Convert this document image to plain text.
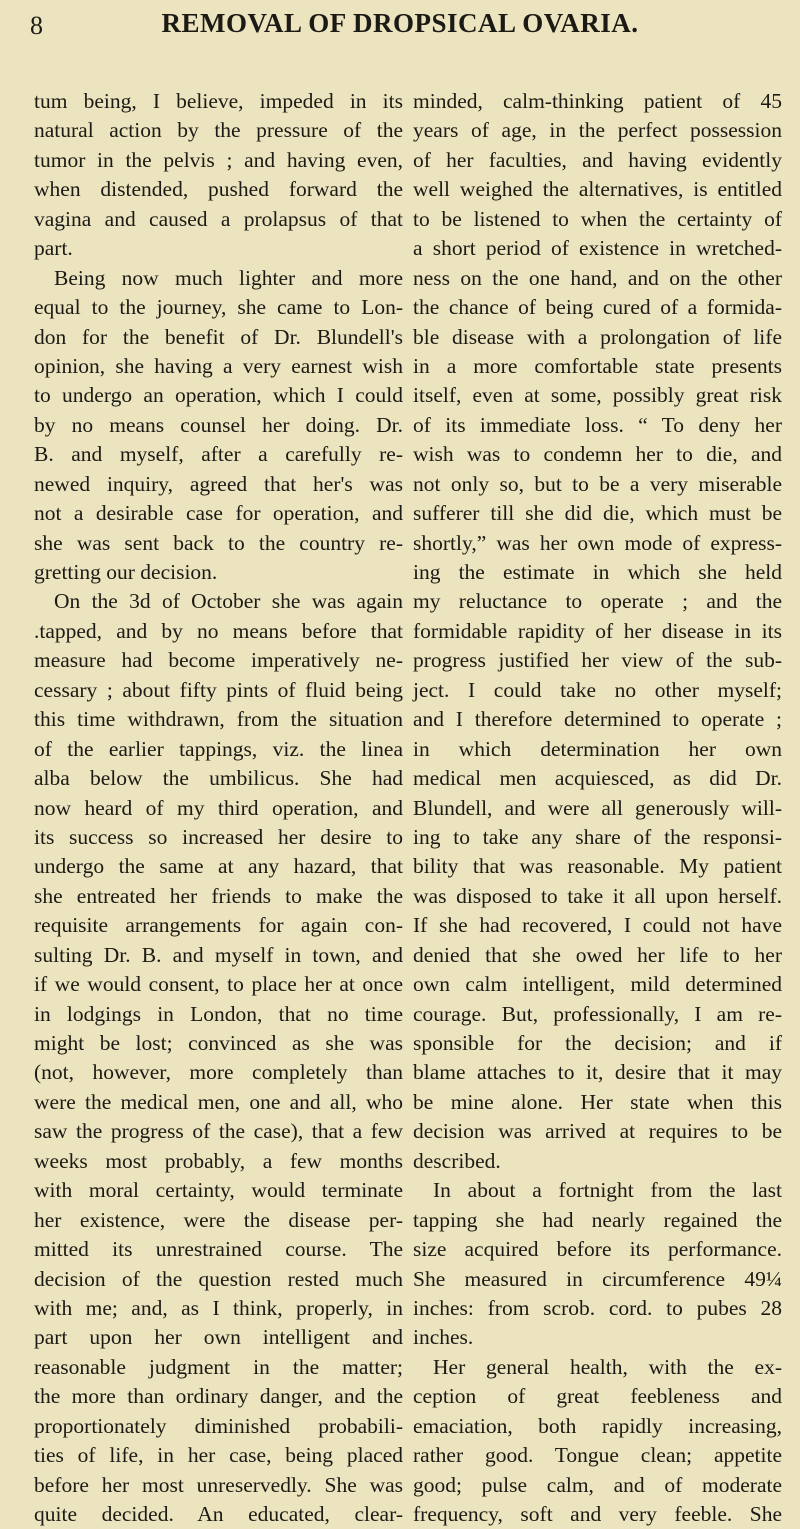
8	REMOVAL OF DROPSICAL OVARIA.
tum being, I believe, impeded in its
natural action by the pressure of the
tumor in the pelvis ; and having even,
when distended, pushed forward the
vagina and caused a prolapsus of that
part.
Being now much lighter and more
equal to the journey, she came to Lon-
don for the benefit of Dr. Blundell's
opinion, she having a very earnest wish
to undergo an operation, which I could
by no means counsel her doing. Dr.
B. and myself, after a carefully re-
newed inquiry, agreed that her's was
not a desirable case for operation, and
she was sent back to the country re-
gretting our decision.
On the 3d of October she was again
.tapped, and by no means before that
measure had become imperatively ne-
cessary ; about fifty pints of fluid being
this time withdrawn, from the situation
of the earlier tappings, viz. the linea
alba below the umbilicus. She had
now heard of my third operation, and
its success so increased her desire to
undergo the same at any hazard, that
she entreated her friends to make the
requisite arrangements for again con-
sulting Dr. B. and myself in town, and
if we would consent, to place her at once
in lodgings in London, that no time
might be lost; convinced as she was
(not, however, more completely than
were the medical men, one and all, who
saw the progress of the case), that a few
weeks most probably, a few months
with moral certainty, would terminate
her existence, were the disease per-
mitted its unrestrained course. The
decision of the question rested much
with me; and, as I think, properly, in
part upon her own intelligent and
reasonable judgment in the matter;
the more than ordinary danger, and the
proportionately diminished probabili-
ties of life, in her case, being placed
before her most unreservedly. She was
quite decided. An educated, clear-
minded, calm-thinking patient of 45
years of age, in the perfect possession
of her faculties, and having evidently
well weighed the alternatives, is entitled
to be listened to when the certainty of
a short period of existence in wretched-
ness on the one hand, and on the other
the chance of being cured of a formida-
ble disease with a prolongation of life
in a more comfortable state presents
itself, even at some, possibly great risk
of its immediate loss. “ To deny her
wish was to condemn her to die, and
not only so, but to be a very miserable
sufferer till she did die, which must be
shortly,” was her own mode of express-
ing the estimate in which she held
my reluctance to operate ; and the
formidable rapidity of her disease in its
progress justified her view of the sub-
ject. I could take no other myself;
and I therefore determined to operate ;
in which determination her own
medical men acquiesced, as did Dr.
Blundell, and were all generously will-
ing to take any share of the responsi-
bility that was reasonable. My patient
was disposed to take it all upon herself.
If she had recovered, I could not have
denied that she owed her life to her
own calm intelligent, mild determined
courage. But, professionally, I am re-
sponsible for the decision; and if
blame attaches to it, desire that it may
be mine alone. Her state when this
decision was arrived at requires to be
described.
In about a fortnight from the last
tapping she had nearly regained the
size acquired before its performance.
She measured in circumference 49¼
inches: from scrob. cord. to pubes 28
inches.
Her general health, with the ex-
ception of great feebleness and
emaciation, both rapidly increasing,
rather good. Tongue clean; appetite
good; pulse calm, and of moderate
frequency, soft and very feeble. She
